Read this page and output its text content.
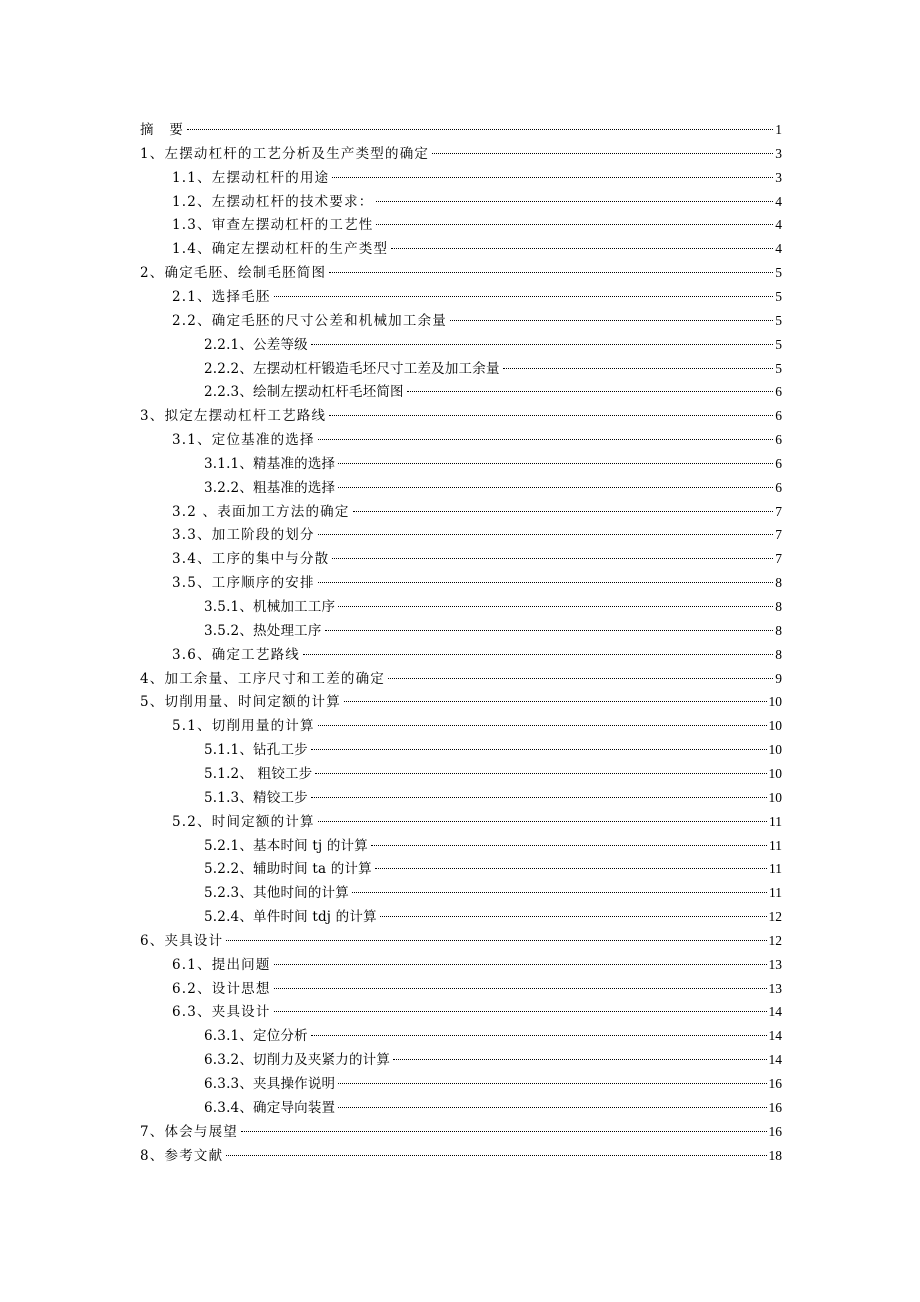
摘　要	1
1、左摆动杠杆的工艺分析及生产类型的确定	3
1.1、左摆动杠杆的用途	3
1.2、左摆动杠杆的技术要求：	4
1.3、审查左摆动杠杆的工艺性	4
1.4、确定左摆动杠杆的生产类型	4
2、确定毛胚、绘制毛胚简图	5
2.1、选择毛胚	5
2.2、确定毛胚的尺寸公差和机械加工余量	5
2.2.1、公差等级	5
2.2.2、左摆动杠杆锻造毛坯尺寸工差及加工余量	5
2.2.3、绘制左摆动杠杆毛坯简图	6
3、拟定左摆动杠杆工艺路线	6
3.1、定位基准的选择	6
3.1.1、精基准的选择	6
3.2.2、粗基准的选择	6
3.2 、表面加工方法的确定	7
3.3、加工阶段的划分	7
3.4、工序的集中与分散	7
3.5、工序顺序的安排	8
3.5.1、机械加工工序	8
3.5.2、热处理工序	8
3.6、确定工艺路线	8
4、加工余量、工序尺寸和工差的确定	9
5、切削用量、时间定额的计算	10
5.1、切削用量的计算	10
5.1.1、钻孔工步	10
5.1.2、 粗铰工步	10
5.1.3、精铰工步	10
5.2、时间定额的计算	11
5.2.1、基本时间 tj 的计算	11
5.2.2、辅助时间 ta 的计算	11
5.2.3、其他时间的计算	11
5.2.4、单件时间 tdj 的计算	12
6、夹具设计	12
6.1、提出问题	13
6.2、设计思想	13
6.3、夹具设计	14
6.3.1、定位分析	14
6.3.2、切削力及夹紧力的计算	14
6.3.3、夹具操作说明	16
6.3.4、确定导向装置	16
7、体会与展望	16
8、参考文献	18
